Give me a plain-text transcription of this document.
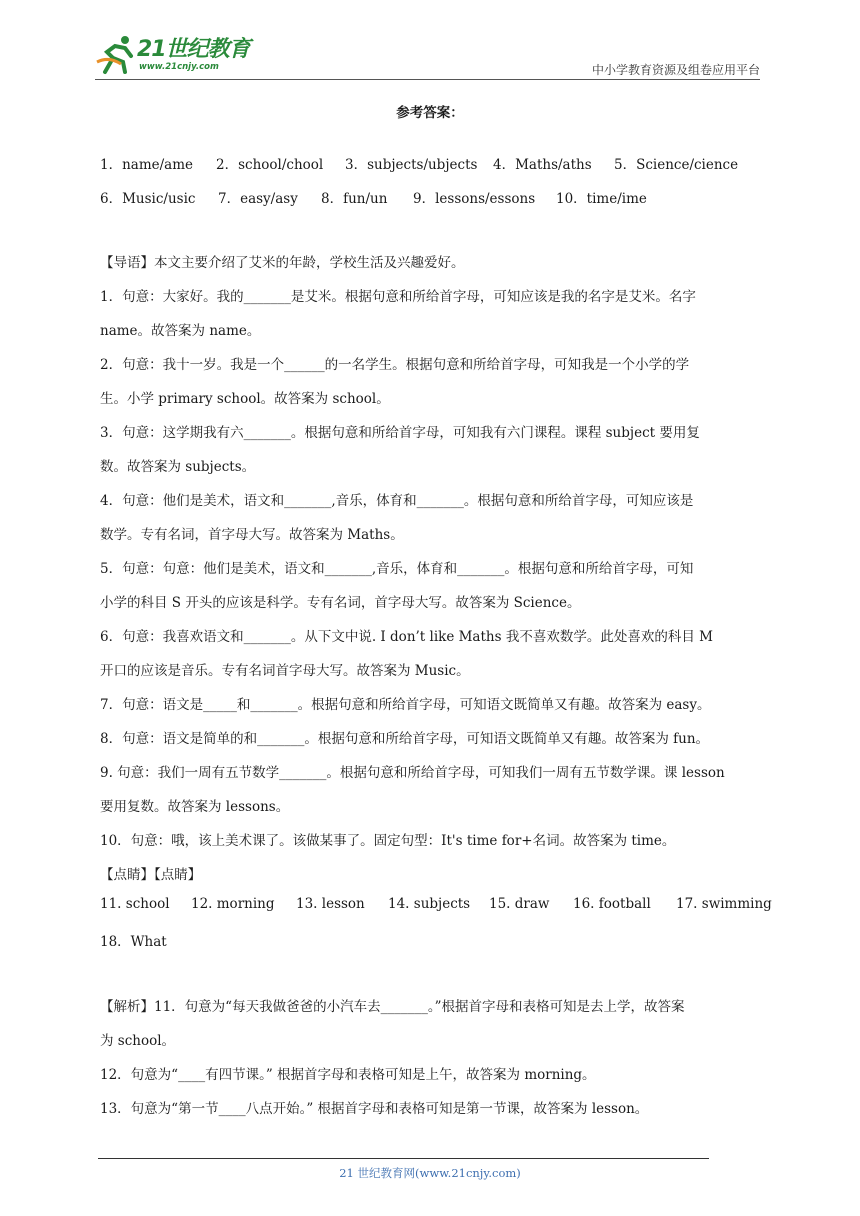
21世纪教育
www.21cnjy.com	中小学教育资源及组卷应用平台
参考答案：
1．name/ame 2．school/chool 3．subjects/ubjects 4．Maths/aths 5．Science/cience
6．Music/usic 7．easy/asy 8．fun/un 9．lessons/essons 10．time/ime
【导语】本文主要介绍了艾米的年龄，学校生活及兴趣爱好。
1．句意：大家好。我的_______是艾米。根据句意和所给首字母，可知应该是我的名字是艾米。名字
name。故答案为 name。
2．句意：我十一岁。我是一个______的一名学生。根据句意和所给首字母，可知我是一个小学的学
生。小学 primary school。故答案为 school。
3．句意：这学期我有六_______。根据句意和所给首字母，可知我有六门课程。课程 subject 要用复
数。故答案为 subjects。
4．句意：他们是美术，语文和_______,音乐，体育和_______。根据句意和所给首字母，可知应该是
数学。专有名词，首字母大写。故答案为 Maths。
5．句意：句意：他们是美术，语文和_______,音乐，体育和_______。根据句意和所给首字母，可知
小学的科目 S 开头的应该是科学。专有名词，首字母大写。故答案为 Science。
6．句意：我喜欢语文和_______。从下文中说. I don’t like Maths 我不喜欢数学。此处喜欢的科目 M
开口的应该是音乐。专有名词首字母大写。故答案为 Music。
7．句意：语文是_____和_______。根据句意和所给首字母，可知语文既简单又有趣。故答案为 easy。
8．句意：语文是简单的和_______。根据句意和所给首字母，可知语文既简单又有趣。故答案为 fun。
9. 句意：我们一周有五节数学_______。根据句意和所给首字母，可知我们一周有五节数学课。课 lesson
要用复数。故答案为 lessons。
10．句意：哦，该上美术课了。该做某事了。固定句型：It's time for+名词。故答案为 time。
【点睛】【点睛】
11. school 12. morning 13. lesson 14. subjects 15. draw 16. football 17. swimming
18．What
【解析】11．句意为“每天我做爸爸的小汽车去_______。”根据首字母和表格可知是去上学，故答案
为 school。
12．句意为“____有四节课。” 根据首字母和表格可知是上午，故答案为 morning。
13．句意为“第一节____八点开始。” 根据首字母和表格可知是第一节课，故答案为 lesson。
21 世纪教育网(www.21cnjy.com)
